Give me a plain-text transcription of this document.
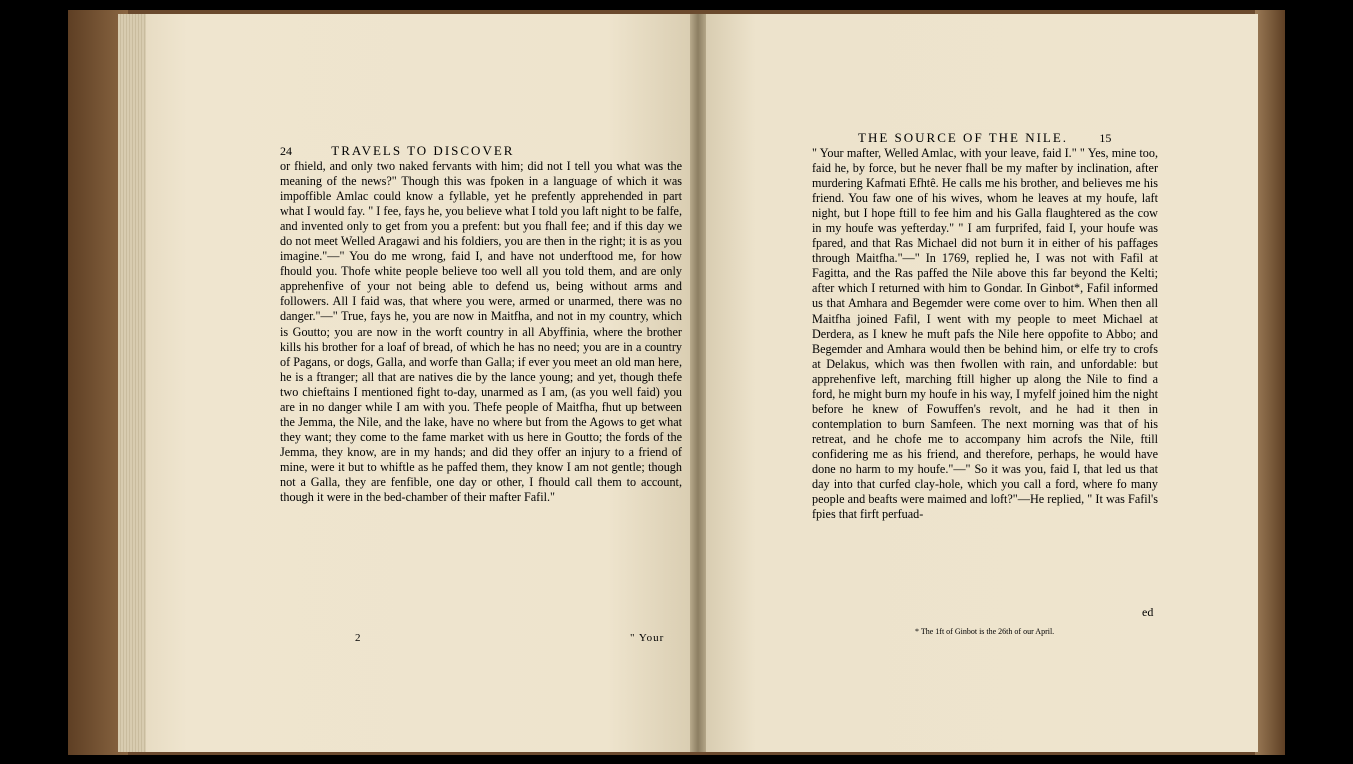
24	TRAVELS TO DISCOVER

or fhield, and only two naked fervants with him; did not I tell you what was the meaning of the news?" Though this was fpoken in a language of which it was impoffible Amlac could know a fyllable, yet he prefently apprehended in part what I would fay. " I fee, fays he, you believe what I told you laft night to be falfe, and invented only to get from you a prefent: but you fhall fee; and if this day we do not meet Welled Aragawi and his foldiers, you are then in the right; it is as you imagine."—" You do me wrong, faid I, and have not underftood me, for how fhould you. Thofe white people believe too well all you told them, and are only apprehenfive of your not being able to defend us, being without arms and followers. All I faid was, that where you were, armed or unarmed, there was no danger."—" True, fays he, you are now in Maitfha, and not in my country, which is Goutto; you are now in the worft country in all Abyffinia, where the brother kills his brother for a loaf of bread, of which he has no need; you are in a country of Pagans, or dogs, Galla, and worfe than Galla; if ever you meet an old man here, he is a ftranger; all that are natives die by the lance young; and yet, though thefe two chieftains I mentioned fight to-day, unarmed as I am, (as you well faid) you are in no danger while I am with you. Thefe people of Maitfha, fhut up between the Jemma, the Nile, and the lake, have no where but from the Agows to get what they want; they come to the fame market with us here in Goutto; the fords of the Jemma, they know, are in my hands; and did they offer an injury to a friend of mine, were it but to whiftle as he paffed them, they know I am not gentle; though not a Galla, they are fenfible, one day or other, I fhould call them to account, though it were in the bed-chamber of their mafter Fafil."

2	" Your
THE SOURCE OF THE NILE.	15

" Your mafter, Welled Amlac, with your leave, faid I." " Yes, mine too, faid he, by force, but he never fhall be my mafter by inclination, after murdering Kafmati Efhtê. He calls me his brother, and believes me his friend. You faw one of his wives, whom he leaves at my houfe, laft night, but I hope ftill to fee him and his Galla flaughtered as the cow in my houfe was yefterday." " I am furprifed, faid I, your houfe was fpared, and that Ras Michael did not burn it in either of his paffages through Maitfha."—" In 1769, replied he, I was not with Fafil at Fagitta, and the Ras paffed the Nile above this far beyond the Kelti; after which I returned with him to Gondar. In Ginbot*, Fafil informed us that Amhara and Begemder were come over to him. When then all Maitfha joined Fafil, I went with my people to meet Michael at Derdera, as I knew he muft pafs the Nile here oppofite to Abbo; and Begemder and Amhara would then be behind him, or elfe try to crofs at Delakus, which was then fwollen with rain, and unfordable: but apprehenfive left, marching ftill higher up along the Nile to find a ford, he might burn my houfe in his way, I myfelf joined him the night before he knew of Fowuffen's revolt, and he had it then in contemplation to burn Samfeen. The next morning was that of his retreat, and he chofe me to accompany him acrofs the Nile, ftill confidering me as his friend, and therefore, perhaps, he would have done no harm to my houfe."—" So it was you, faid I, that led us that day into that curfed clay-hole, which you call a ford, where fo many people and beafts were maimed and loft?"—He replied, " It was Fafil's fpies that firft perfuad-

ed
* The 1ft of Ginbot is the 26th of our April.
